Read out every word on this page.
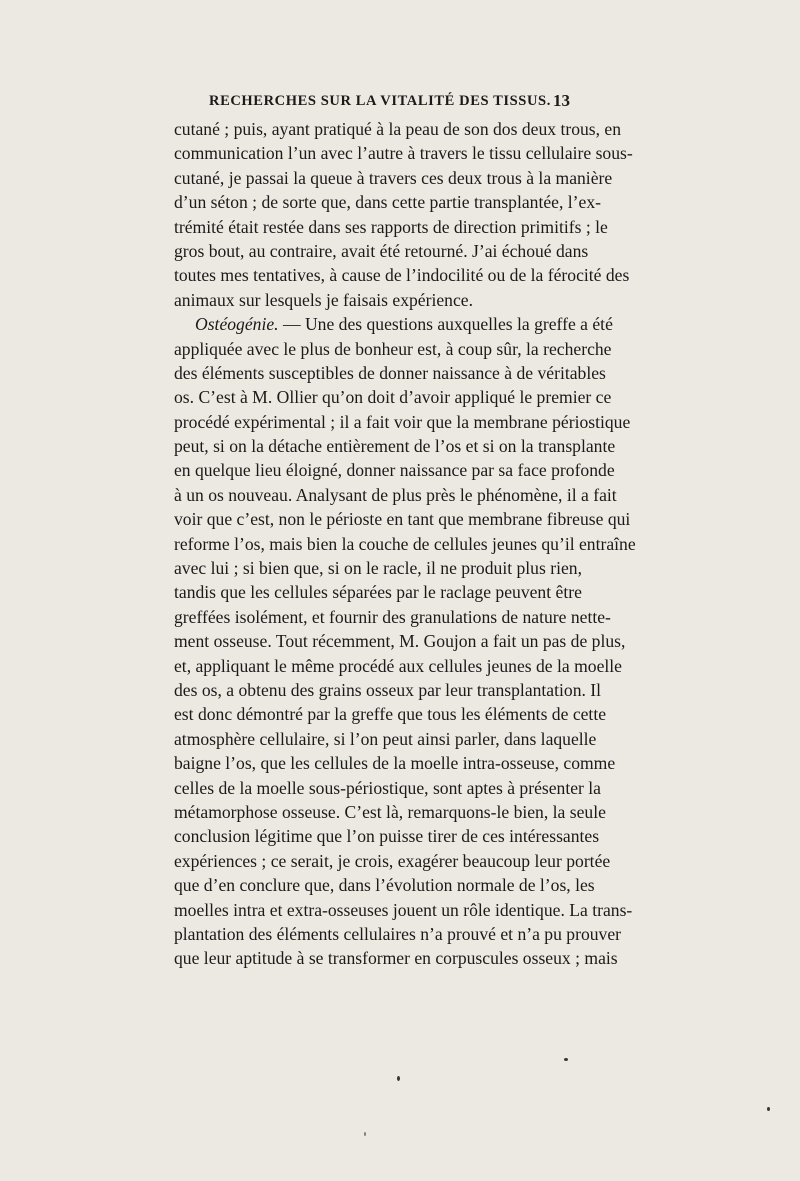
RECHERCHES SUR LA VITALITÉ DES TISSUS. 13
cutané ; puis, ayant pratiqué à la peau de son dos deux trous, en
communication l’un avec l’autre à travers le tissu cellulaire sous-
cutané, je passai la queue à travers ces deux trous à la manière
d’un séton ; de sorte que, dans cette partie transplantée, l’ex-
trémité était restée dans ses rapports de direction primitifs ; le
gros bout, au contraire, avait été retourné. J’ai échoué dans
toutes mes tentatives, à cause de l’indocilité ou de la férocité des
animaux sur lesquels je faisais expérience.
Ostéogénie. — Une des questions auxquelles la greffe a été
appliquée avec le plus de bonheur est, à coup sûr, la recherche
des éléments susceptibles de donner naissance à de véritables
os. C’est à M. Ollier qu’on doit d’avoir appliqué le premier ce
procédé expérimental ; il a fait voir que la membrane périostique
peut, si on la détache entièrement de l’os et si on la transplante
en quelque lieu éloigné, donner naissance par sa face profonde
à un os nouveau. Analysant de plus près le phénomène, il a fait
voir que c’est, non le périoste en tant que membrane fibreuse qui
reforme l’os, mais bien la couche de cellules jeunes qu’il entraîne
avec lui ; si bien que, si on le racle, il ne produit plus rien,
tandis que les cellules séparées par le raclage peuvent être
greffées isolément, et fournir des granulations de nature nette-
ment osseuse. Tout récemment, M. Goujon a fait un pas de plus,
et, appliquant le même procédé aux cellules jeunes de la moelle
des os, a obtenu des grains osseux par leur transplantation. Il
est donc démontré par la greffe que tous les éléments de cette
atmosphère cellulaire, si l’on peut ainsi parler, dans laquelle
baigne l’os, que les cellules de la moelle intra-osseuse, comme
celles de la moelle sous-périostique, sont aptes à présenter la
métamorphose osseuse. C’est là, remarquons-le bien, la seule
conclusion légitime que l’on puisse tirer de ces intéressantes
expériences ; ce serait, je crois, exagérer beaucoup leur portée
que d’en conclure que, dans l’évolution normale de l’os, les
moelles intra et extra-osseuses jouent un rôle identique. La trans-
plantation des éléments cellulaires n’a prouvé et n’a pu prouver
que leur aptitude à se transformer en corpuscules osseux ; mais
